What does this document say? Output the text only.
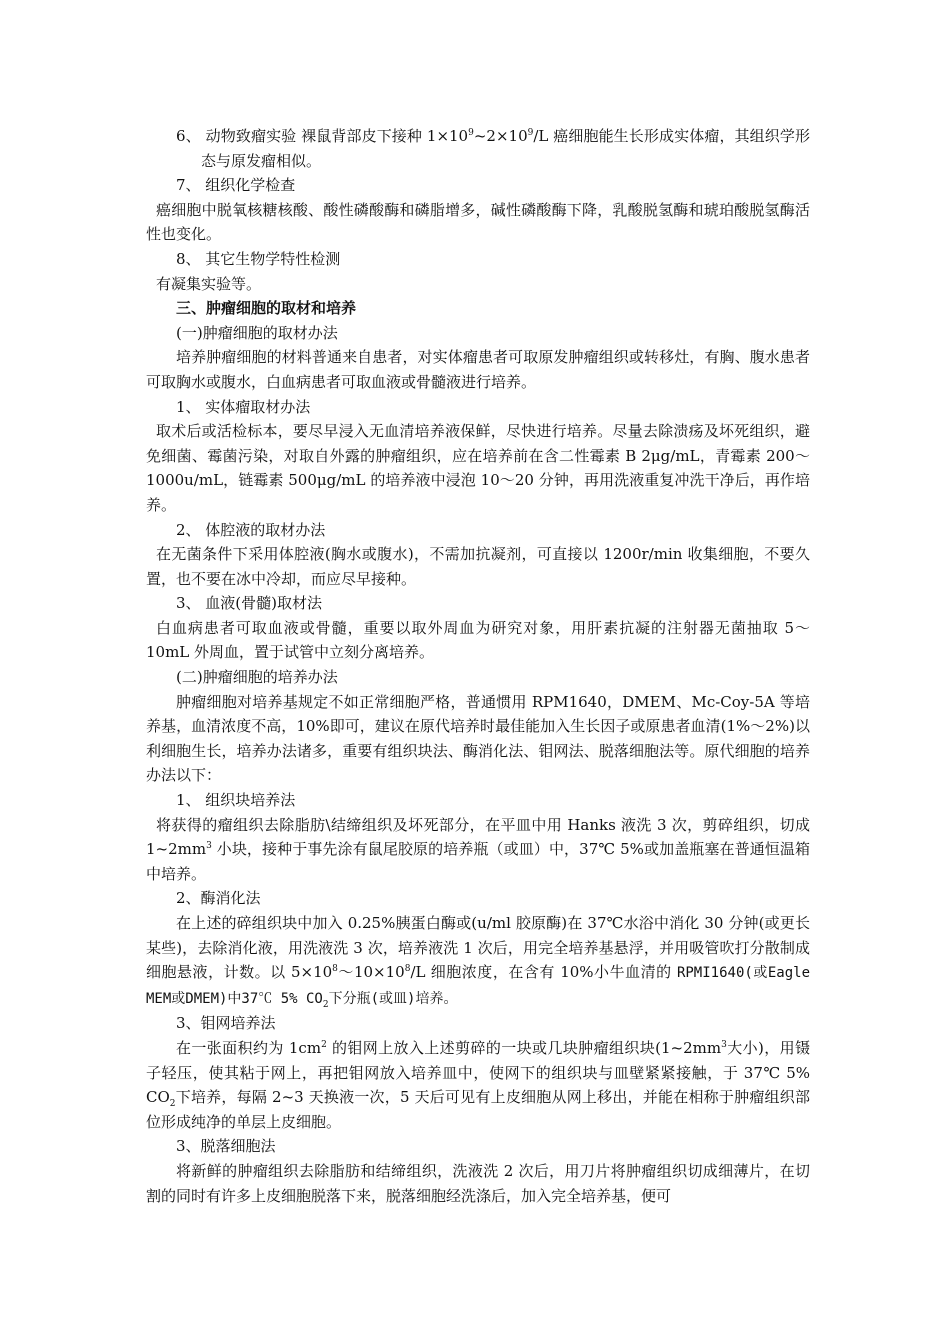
6、 动物致瘤实验 裸鼠背部皮下接种 $1\times 10^9\sim 2\times 10^9/L$ 癌细胞能生长形成实体瘤，其组织学形态与原发瘤相似。

7、 组织化学检查

癌细胞中脱氧核糖核酸、酸性磷酸酶和磷脂增多，碱性磷酸酶下降，乳酸脱氢酶和琥珀酸脱氢酶活性也变化。

8、 其它生物学特性检测

有凝集实验等。

三、肿瘤细胞的取材和培养

(一)肿瘤细胞的取材办法

培养肿瘤细胞的材料普通来自患者，对实体瘤患者可取原发肿瘤组织或转移灶，有胸、腹水患者可取胸水或腹水，白血病患者可取血液或骨髓液进行培养。

1、 实体瘤取材办法

取术后或活检标本，要尽早浸入无血清培养液保鲜，尽快进行培养。尽量去除溃疡及坏死组织，避免细菌、霉菌污染，对取自外露的肿瘤组织，应在培养前在含二性霉素 B 2μg/mL，青霉素 200～1000u/mL，链霉素 500μg/mL 的培养液中浸泡 10～20 分钟，再用洗液重复冲洗干净后，再作培养。

2、 体腔液的取材办法

在无菌条件下采用体腔液(胸水或腹水)，不需加抗凝剂，可直接以 1200r/min 收集细胞，不要久置，也不要在冰中冷却，而应尽早接种。

3、 血液(骨髓)取材法

白血病患者可取血液或骨髓，重要以取外周血为研究对象，用肝素抗凝的注射器无菌抽取 5～10mL 外周血，置于试管中立刻分离培养。

(二)肿瘤细胞的培养办法

肿瘤细胞对培养基规定不如正常细胞严格，普通惯用 RPM1640，DMEM、Mc-Coy-5A 等培养基，血清浓度不高，10%即可，建议在原代培养时最佳能加入生长因子或原患者血清(1%～2%)以利细胞生长，培养办法诸多，重要有组织块法、酶消化法、钼网法、脱落细胞法等。原代细胞的培养办法以下：

1、 组织块培养法

将获得的瘤组织去除脂肪\结缔组织及坏死部分，在平皿中用 Hanks 液洗 3 次，剪碎组织，切成 $1\sim 2mm^3$ 小块，接种于事先涂有鼠尾胶原的培养瓶（或皿）中，37℃ 5%或加盖瓶塞在普通恒温箱中培养。

2、酶消化法

在上述的碎组织块中加入 0.25%胰蛋白酶或(u/ml 胶原酶)在 37℃水浴中消化 30 分钟(或更长某些)，去除消化液，用洗液洗 3 次，培养液洗 1 次后，用完全培养基悬浮，并用吸管吹打分散制成细胞悬液，计数。以 $5\times 10^8\sim 10\times 10^8/L$ 细胞浓度，在含有 10%小牛血清的 RPMI1640(或Eagle MEM或DMEM)中37℃ 5% $CO_2$下分瓶(或皿)培养。

3、钼网培养法

在一张面积约为 $1cm^2$ 的钼网上放入上述剪碎的一块或几块肿瘤组织块($1\sim 2mm^3$大小)，用镊子轻压，使其粘于网上，再把钼网放入培养皿中，使网下的组织块与皿壁紧紧接触，于 37℃ 5% $CO_2$下培养，每隔 2~3 天换液一次，5 天后可见有上皮细胞从网上移出，并能在相称于肿瘤组织部位形成纯净的单层上皮细胞。

3、脱落细胞法

将新鲜的肿瘤组织去除脂肪和结缔组织，洗液洗 2 次后，用刀片将肿瘤组织切成细薄片，在切割的同时有许多上皮细胞脱落下来，脱落细胞经洗涤后，加入完全培养基，便可
